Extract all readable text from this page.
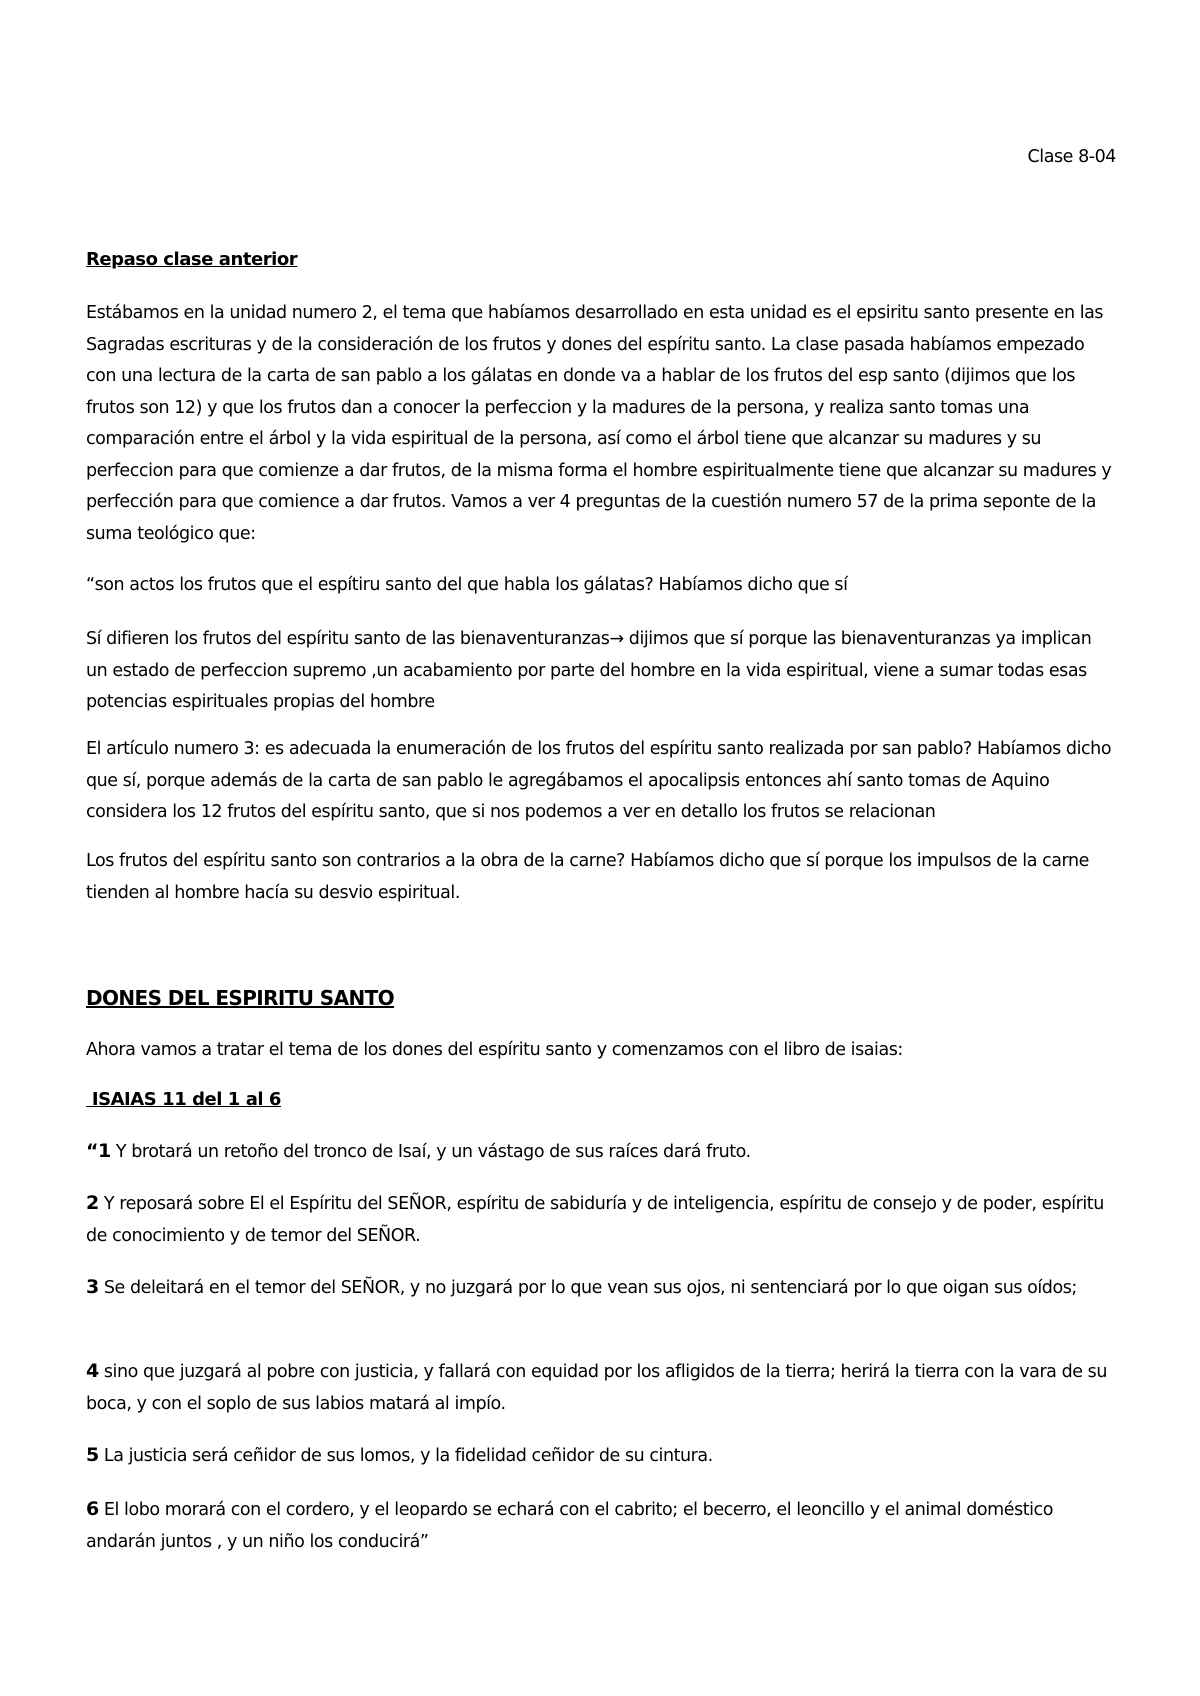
Clase 8-04
Repaso clase anterior

Estábamos en la unidad numero 2, el tema que habíamos desarrollado en esta unidad es el epsiritu santo presente en las Sagradas escrituras y de la consideración de los frutos y dones del espíritu santo. La clase pasada habíamos empezado con una lectura de la carta de san pablo a los gálatas en donde va a hablar de los frutos del esp santo (dijimos que los frutos son 12) y que los frutos dan a conocer la perfeccion y la madures de la persona, y realiza santo tomas una comparación entre el árbol y la vida espiritual de la persona, así como el árbol tiene que alcanzar su madures y su perfeccion para que comienze a dar frutos, de la misma forma el hombre espiritualmente tiene que alcanzar su madures y perfección para que comience a dar frutos. Vamos a ver 4 preguntas de la cuestión numero 57 de la prima seponte de la suma teológico que:

“son actos los frutos que el espítiru santo del que habla los gálatas? Habíamos dicho que sí

Sí difieren los frutos del espíritu santo de las bienaventuranzas→ dijimos que sí porque las bienaventuranzas ya implican un estado de perfeccion supremo ,un acabamiento por parte del hombre en la vida espiritual, viene a sumar todas esas potencias espirituales propias del hombre

El artículo numero 3: es adecuada la enumeración de los frutos del espíritu santo realizada por san pablo? Habíamos dicho que sí, porque además de la carta de san pablo le agregábamos el apocalipsis entonces ahí santo tomas de Aquino considera los 12 frutos del espíritu santo, que si nos podemos a ver en detallo los frutos se relacionan

Los frutos del espíritu santo son contrarios a la obra de la carne? Habíamos dicho que sí porque los impulsos de la carne tienden al hombre hacía su desvio espiritual.

DONES DEL ESPIRITU SANTO

Ahora vamos a tratar el tema de los dones del espíritu santo y comenzamos con el libro de isaias:

ISAIAS 11 del 1 al 6

“1 Y brotará un retoño del tronco de Isaí, y un vástago de sus raíces dará fruto.

2 Y reposará sobre El el Espíritu del SEÑOR, espíritu de sabiduría y de inteligencia, espíritu de consejo y de poder, espíritu de conocimiento y de temor del SEÑOR.

3 Se deleitará en el temor del SEÑOR, y no juzgará por lo que vean sus ojos, ni sentenciará por lo que oigan sus oídos;

4 sino que juzgará al pobre con justicia, y fallará con equidad por los afligidos de la tierra; herirá la tierra con la vara de su boca, y con el soplo de sus labios matará al impío.

5 La justicia será ceñidor de sus lomos, y la fidelidad ceñidor de su cintura.

6 El lobo morará con el cordero, y el leopardo se echará con el cabrito; el becerro, el leoncillo y el animal doméstico andarán juntos , y un niño los conducirá”
